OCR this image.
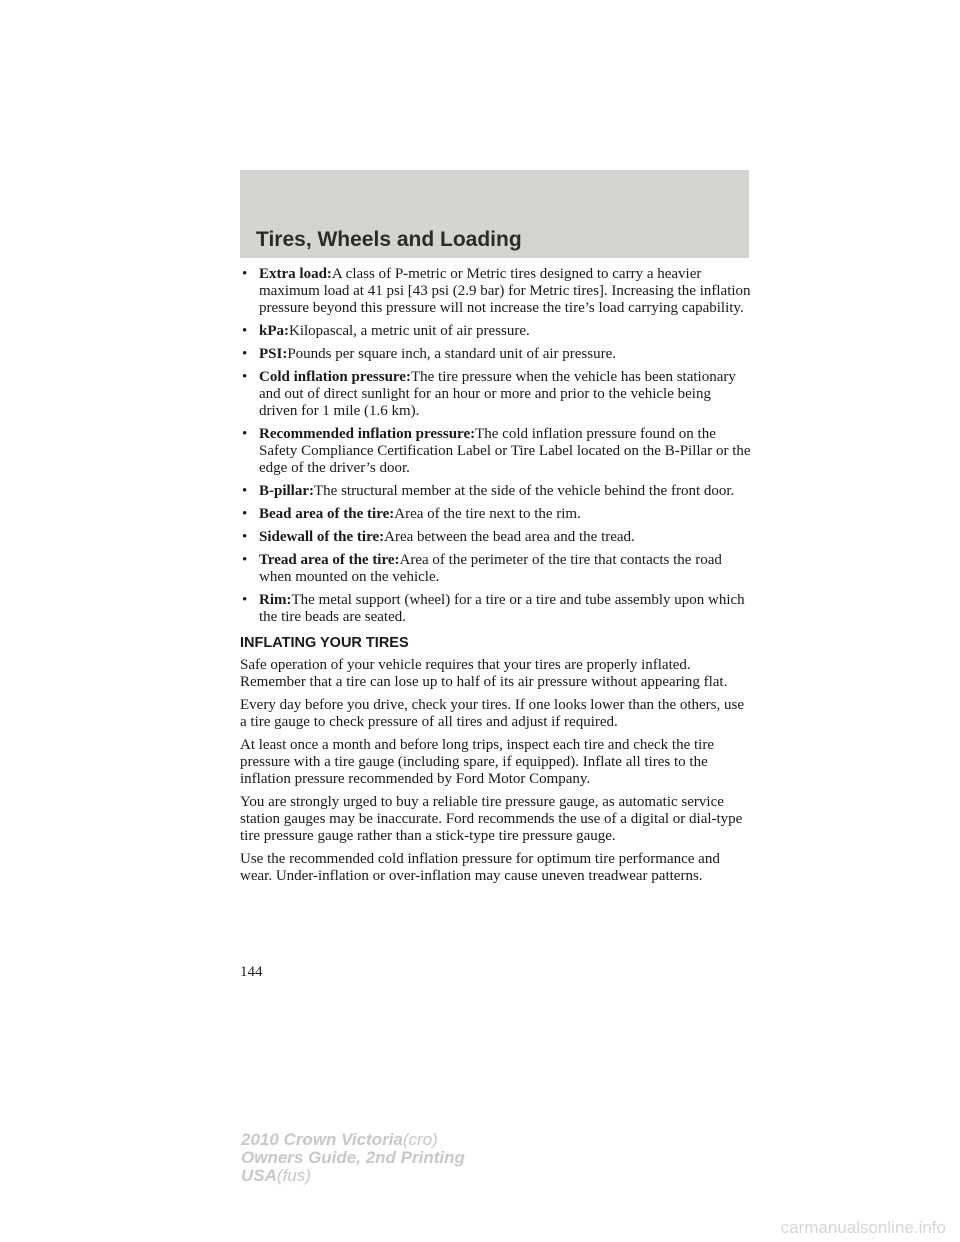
Tires, Wheels and Loading
• Extra load:A class of P-metric or Metric tires designed to carry a heavier maximum load at 41 psi [43 psi (2.9 bar) for Metric tires]. Increasing the inflation pressure beyond this pressure will not increase the tire’s load carrying capability.
• kPa:Kilopascal, a metric unit of air pressure.
• PSI:Pounds per square inch, a standard unit of air pressure.
• Cold inflation pressure:The tire pressure when the vehicle has been stationary and out of direct sunlight for an hour or more and prior to the vehicle being driven for 1 mile (1.6 km).
• Recommended inflation pressure:The cold inflation pressure found on the Safety Compliance Certification Label or Tire Label located on the B-Pillar or the edge of the driver’s door.
• B-pillar:The structural member at the side of the vehicle behind the front door.
• Bead area of the tire:Area of the tire next to the rim.
• Sidewall of the tire:Area between the bead area and the tread.
• Tread area of the tire:Area of the perimeter of the tire that contacts the road when mounted on the vehicle.
• Rim:The metal support (wheel) for a tire or a tire and tube assembly upon which the tire beads are seated.
INFLATING YOUR TIRES

Safe operation of your vehicle requires that your tires are properly inflated. Remember that a tire can lose up to half of its air pressure without appearing flat.

Every day before you drive, check your tires. If one looks lower than the others, use a tire gauge to check pressure of all tires and adjust if required.

At least once a month and before long trips, inspect each tire and check the tire pressure with a tire gauge (including spare, if equipped). Inflate all tires to the inflation pressure recommended by Ford Motor Company.

You are strongly urged to buy a reliable tire pressure gauge, as automatic service station gauges may be inaccurate. Ford recommends the use of a digital or dial-type tire pressure gauge rather than a stick-type tire pressure gauge.

Use the recommended cold inflation pressure for optimum tire performance and wear. Under-inflation or over-inflation may cause uneven treadwear patterns.

144
2010 Crown Victoria(cro)
Owners Guide, 2nd Printing
USA(fus)
carmanualsonline.info
